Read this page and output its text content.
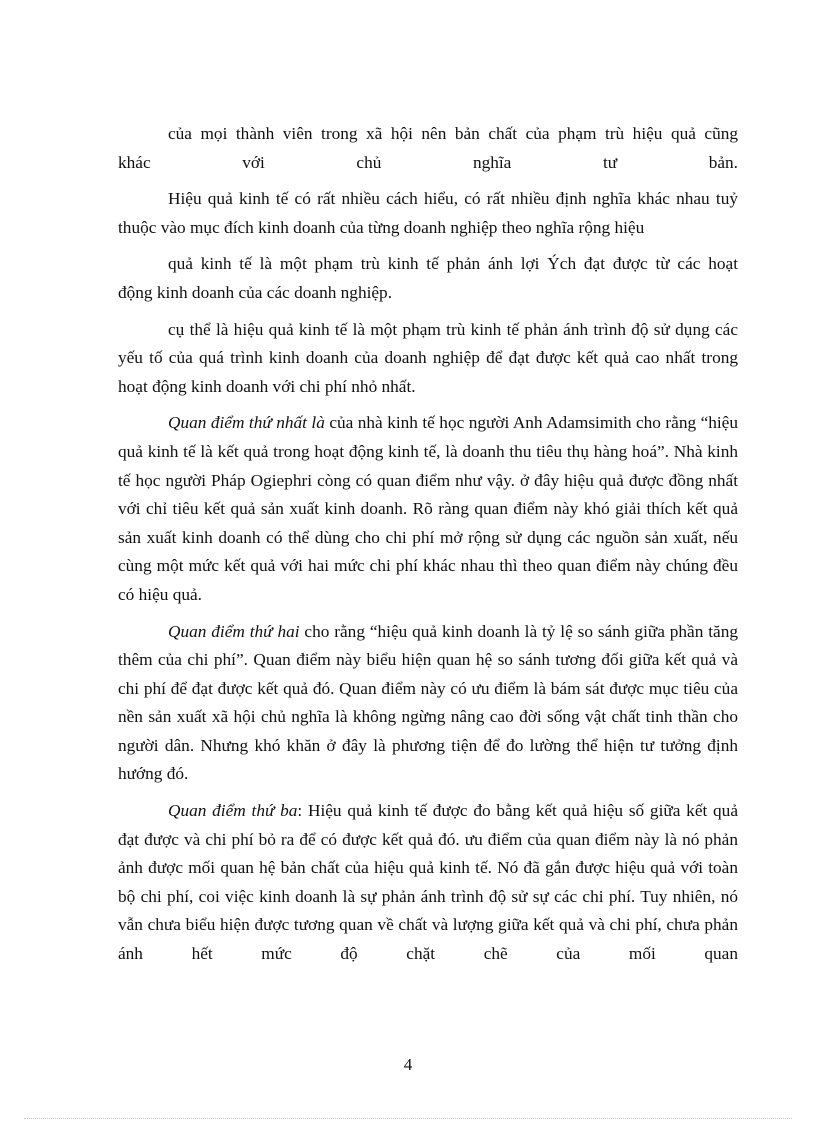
của mọi thành viên trong xã hội nên bản chất của phạm trù hiệu quả cũng
khác với chủ nghĩa tư bản.

Hiệu quả kinh tế có rất nhiều cách hiểu, có rất nhiều định nghĩa khác nhau tuỷ thuộc vào mục đích kinh doanh của từng doanh nghiệp theo nghĩa rộng hiệu

quả kinh tế là một phạm trù kinh tế phản ánh lợi Ých đạt được từ các hoạt
động kinh doanh của các doanh nghiệp.

cụ thể là hiệu quả kinh tế là một phạm trù kinh tế phản ánh trình độ sử dụng các yếu tố của quá trình kinh doanh của doanh nghiệp để đạt được kết quả cao nhất trong hoạt động kinh doanh với chi phí nhỏ nhất.

Quan điểm thứ nhất là của nhà kinh tế học người Anh Adamsimith cho rằng “hiệu quả kinh tế là kết quả trong hoạt động kinh tế, là doanh thu tiêu thụ hàng hoá”. Nhà kinh tế học người Pháp Ogiephri còng có quan điểm như vậy. ở đây hiệu quả được đồng nhất với chỉ tiêu kết quả sản xuất kinh doanh. Rõ ràng quan điểm này khó giải thích kết quả sản xuất kinh doanh có thể dùng cho chi phí mở rộng sử dụng các nguồn sản xuất, nếu cùng một mức kết quả với hai mức chi phí khác nhau thì theo quan điểm này chúng đều có hiệu quả.

Quan điểm thứ hai cho rằng “hiệu quả kinh doanh là tỷ lệ so sánh giữa phần tăng thêm của chi phí”. Quan điểm này biểu hiện quan hệ so sánh tương đối giữa kết quả và chi phí để đạt được kết quả đó. Quan điểm này có ưu điểm là bám sát được mục tiêu của nền sản xuất xã hội chủ nghĩa là không ngừng nâng cao đời sống vật chất tinh thần cho người dân. Nhưng khó khăn ở đây là phương tiện để đo lường thể hiện tư tưởng định hướng đó.

Quan điểm thứ ba: Hiệu quả kinh tế được đo bằng kết quả hiệu số giữa kết quả đạt được và chi phí bỏ ra để có được kết quả đó. ưu điểm của quan điểm này là nó phản ảnh được mối quan hệ bản chất của hiệu quả kinh tế. Nó đã gắn được hiệu quả với toàn bộ chi phí, coi việc kinh doanh là sự phản ánh trình độ sử sự các chi phí. Tuy nhiên, nó vẫn chưa biểu hiện được tương quan về chất và lượng giữa kết quả và chi phí, chưa phản ánh hết mức độ chặt chẽ của mối quan

4
